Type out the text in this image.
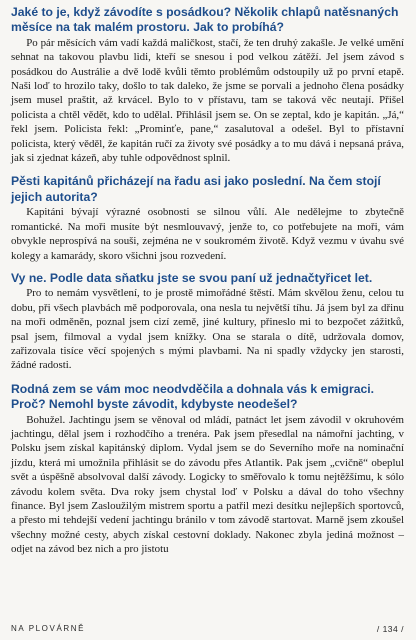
Jaké to je, když závodíte s posádkou? Několik chlapů natěsnaných měsíce na tak malém prostoru. Jak to probíhá?

Po pár měsících vám vadí každá maličkost, stačí, že ten druhý zakašle. Je velké umění sehnat na takovou plavbu lidi, kteří se snesou i pod velkou zátěží. Jel jsem závod s posádkou do Austrálie a dvě lodě kvůli těmto problémům odstoupily už po první etapě. Naši loď to hrozilo taky, došlo to tak daleko, že jsme se porvali a jednoho člena posádky jsem musel praštit, až krvácel. Bylo to v přístavu, tam se taková věc neutají. Přišel policista a chtěl vědět, kdo to udělal. Přihlásil jsem se. On se zeptal, kdo je kapitán. „Já,“ řekl jsem. Policista řekl: „Prominťe, pane,“ zasalutoval a odešel. Byl to přístavní policista, který věděl, že kapitán ručí za životy své posádky a to mu dává i nepsaná práva, jak si zjednat kázeň, aby tuhle odpovědnost splnil.

Pěsti kapitánů přicházejí na řadu asi jako poslední. Na čem stojí jejich autorita?

Kapitáni bývají výrazné osobnosti se silnou vůlí. Ale nedělejme to zbytečně romantické. Na moři musíte být nesmlouvavý, jenže to, co potřebujete na moři, vám obvykle neprospívá na souši, zejména ne v soukromém životě. Když vezmu v úvahu své kolegy a kamarády, skoro všichni jsou rozvedení.

Vy ne. Podle data sňatku jste se svou paní už jednačtyřicet let.

Pro to nemám vysvětlení, to je prostě mimořádné štěstí. Mám skvělou ženu, celou tu dobu, při všech plavbách mě podporovala, ona nesla tu největší tíhu. Já jsem byl za dřinu na moři odměněn, poznal jsem cizí země, jiné kultury, přineslo mi to bezpočet zážitků, psal jsem, filmoval a vydal jsem knížky. Ona se starala o dítě, udržovala domov, zařizovala tisíce věcí spojených s mými plavbami. Na ni spadly vždycky jen starosti, žádné radosti.

Rodná zem se vám moc neodvděčila a dohnala vás k emigraci. Proč? Nemohl byste závodit, kdybyste neodešel?

Bohužel. Jachtingu jsem se věnoval od mládí, patnáct let jsem závodil v okruhovém jachtingu, dělal jsem i rozhodčího a trenéra. Pak jsem přesedlal na námořní jachting, v Polsku jsem získal kapitánský diplom. Vydal jsem se do Severního moře na nominační jízdu, která mi umožnila přihlásit se do závodu přes Atlantik. Pak jsem „cvičně“ obeplul svět a úspěšně absolvoval další závody. Logicky to směřovalo k tomu nejtěžšímu, k sólo závodu kolem světa. Dva roky jsem chystal loď v Polsku a dával do toho všechny finance. Byl jsem Zasloužilým mistrem sportu a patřil mezi desítku nejlepších sportovců, a přesto mi tehdejší vedení jachtingu bránilo v tom závodě startovat. Marně jsem zkoušel všechny možné cesty, abych získal cestovní doklady. Nakonec zbyla jediná možnost – odjet na závod bez nich a pro jistotu

NA PLOVÁRNĚ	/ 134 /
